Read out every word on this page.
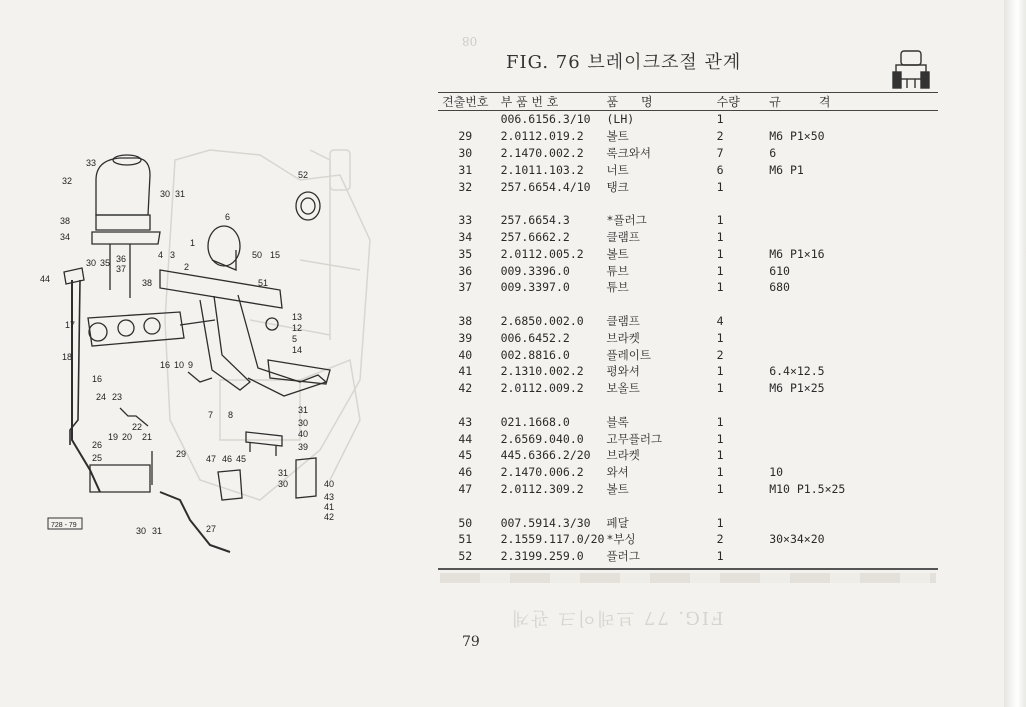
80
FIG. 77 브레이크 관계
33
32
30 31
38
34
30 35 36
37
44
17
18
16
24 23
22
19 20 21
26
25	29
30 31	27
52
6
1
2
3
4	50 15
51
38
13
12
5
14
16 10 9
7 8	31
30
40
39
47 46 45
31
30	40
43
41
42
728 - 79
FIG. 76 브레이크조절 관계
견출번호	부 품 번 호	품      명	수량	규          격
	006.6156.3/10	(LH)	1	
29	2.0112.019.2	볼트	2	M6 P1×50
30	2.1470.002.2	록크와셔	7	6
31	2.1011.103.2	너트	6	M6 P1
32	257.6654.4/10	탱크	1	

33	257.6654.3	*플러그	1	
34	257.6662.2	클램프	1	
35	2.0112.005.2	볼트	1	M6 P1×16
36	009.3396.0	튜브	1	610
37	009.3397.0	튜브	1	680

38	2.6850.002.0	클램프	4	
39	006.6452.2	브라켓	1	
40	002.8816.0	플레이트	2	
41	2.1310.002.2	평와셔	1	6.4×12.5
42	2.0112.009.2	보올트	1	M6 P1×25

43	021.1668.0	블록	1	
44	2.6569.040.0	고무플러그	1	
45	445.6366.2/20	브라켓	1	
46	2.1470.006.2	와셔	1	10
47	2.0112.309.2	볼트	1	M10 P1.5×25

50	007.5914.3/30	페달	1	
51	2.1559.117.0/20	*부싱	2	30×34×20
52	2.3199.259.0	플러그	1	
79
